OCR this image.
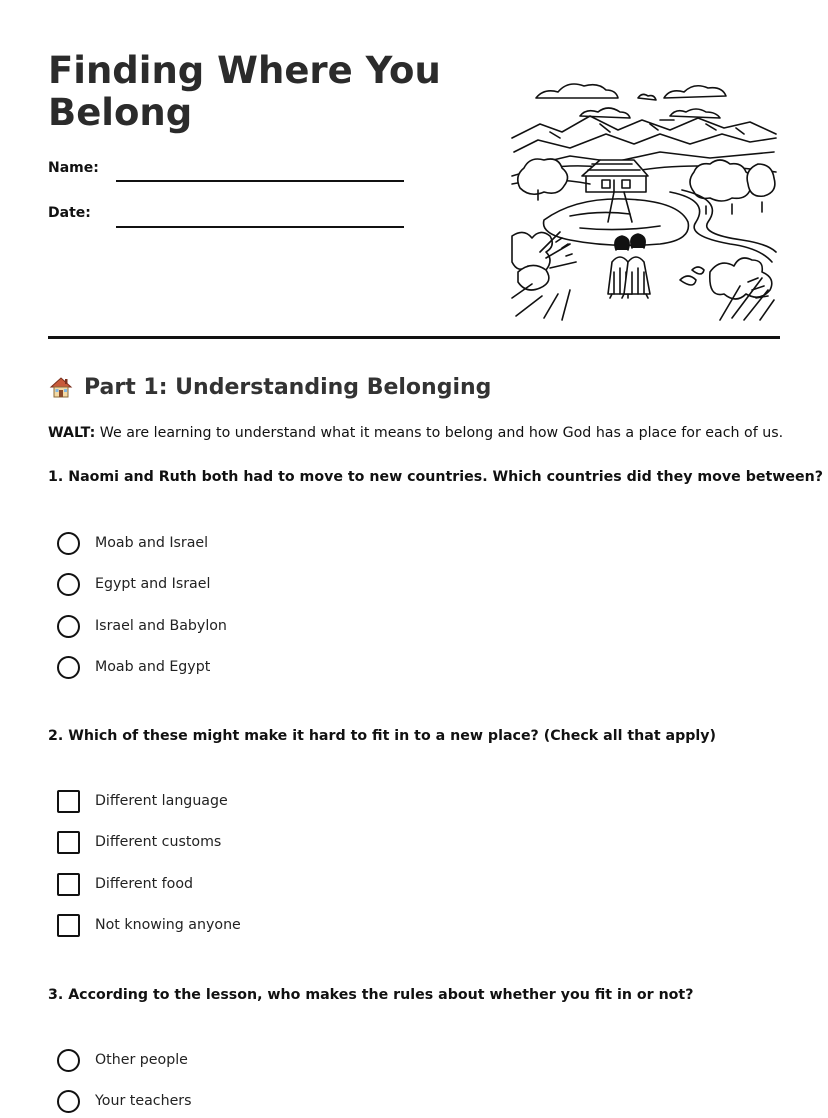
Finding Where You Belong
Name:
Date:
Part 1: Understanding Belonging
WALT: We are learning to understand what it means to belong and how God has a place for each of us.
1. Naomi and Ruth both had to move to new countries. Which countries did they move between?
Moab and Israel
Egypt and Israel
Israel and Babylon
Moab and Egypt
2. Which of these might make it hard to fit in to a new place? (Check all that apply)
Different language
Different customs
Different food
Not knowing anyone
3. According to the lesson, who makes the rules about whether you fit in or not?
Other people
Your teachers
